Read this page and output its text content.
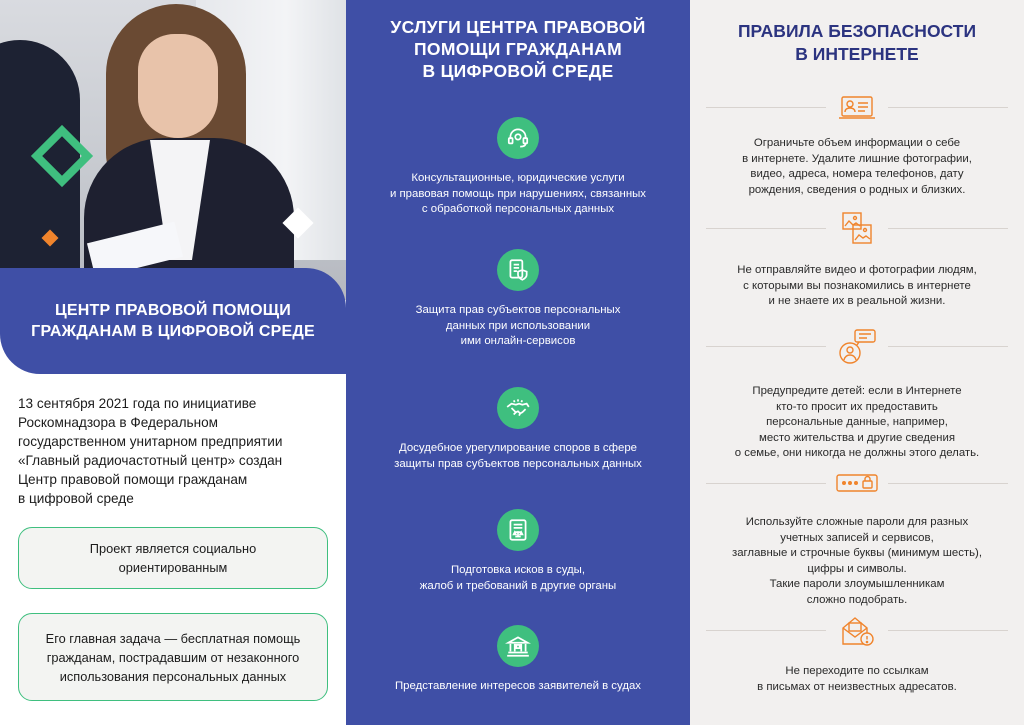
ЦЕНТР ПРАВОВОЙ ПОМОЩИ
ГРАЖДАНАМ В ЦИФРОВОЙ СРЕДЕ
13 сентября 2021 года по инициативе
Роскомнадзора в Федеральном
государственном унитарном предприятии
«Главный радиочастотный центр» создан
Центр правовой помощи гражданам
в цифровой среде
Проект является социально
ориентированным
Его главная задача — бесплатная помощь
гражданам, пострадавшим от незаконного
использования персональных данных
УСЛУГИ ЦЕНТРА ПРАВОВОЙ
ПОМОЩИ ГРАЖДАНАМ
В ЦИФРОВОЙ СРЕДЕ
Консультационные, юридические услуги
и правовая помощь при нарушениях, связанных
с обработкой персональных данных
Защита прав субъектов персональных
данных при использовании
ими онлайн-сервисов
Досудебное урегулирование споров в сфере
защиты прав субъектов персональных данных
Подготовка исков в суды,
жалоб и требований в другие органы
Представление интересов заявителей в судах
ПРАВИЛА БЕЗОПАСНОСТИ
В ИНТЕРНЕТЕ
Ограничьте объем информации о себе
в интернете. Удалите лишние фотографии,
видео, адреса, номера телефонов, дату
рождения, сведения о родных и близких.
Не отправляйте видео и фотографии людям,
с которыми вы познакомились в интернете
и не знаете их в реальной жизни.
Предупредите детей: если в Интернете
кто-то просит их предоставить
персональные данные, например,
место жительства и другие сведения
о семье, они никогда не должны этого делать.
Используйте сложные пароли для разных
учетных записей и сервисов,
заглавные и строчные буквы (минимум шесть),
цифры и символы.
Такие пароли злоумышленникам
сложно подобрать.
Не переходите по ссылкам
в письмах от неизвестных адресатов.
